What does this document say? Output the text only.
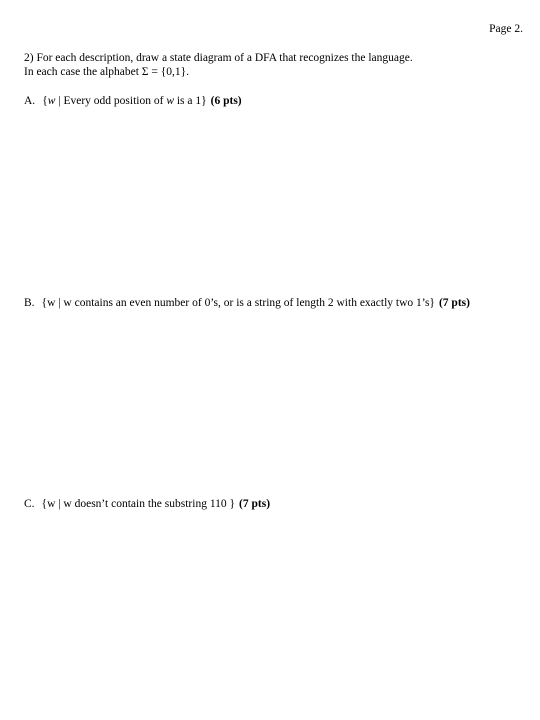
Page 2.
2) For each description, draw a state diagram of a DFA that recognizes the language.
In each case the alphabet Σ = {0,1}.
A. {w | Every odd position of w is a 1} (6 pts)
B. {w | w contains an even number of 0’s, or is a string of length 2 with exactly two 1’s} (7 pts)
C. {w | w doesn’t contain the substring 110 } (7 pts)
